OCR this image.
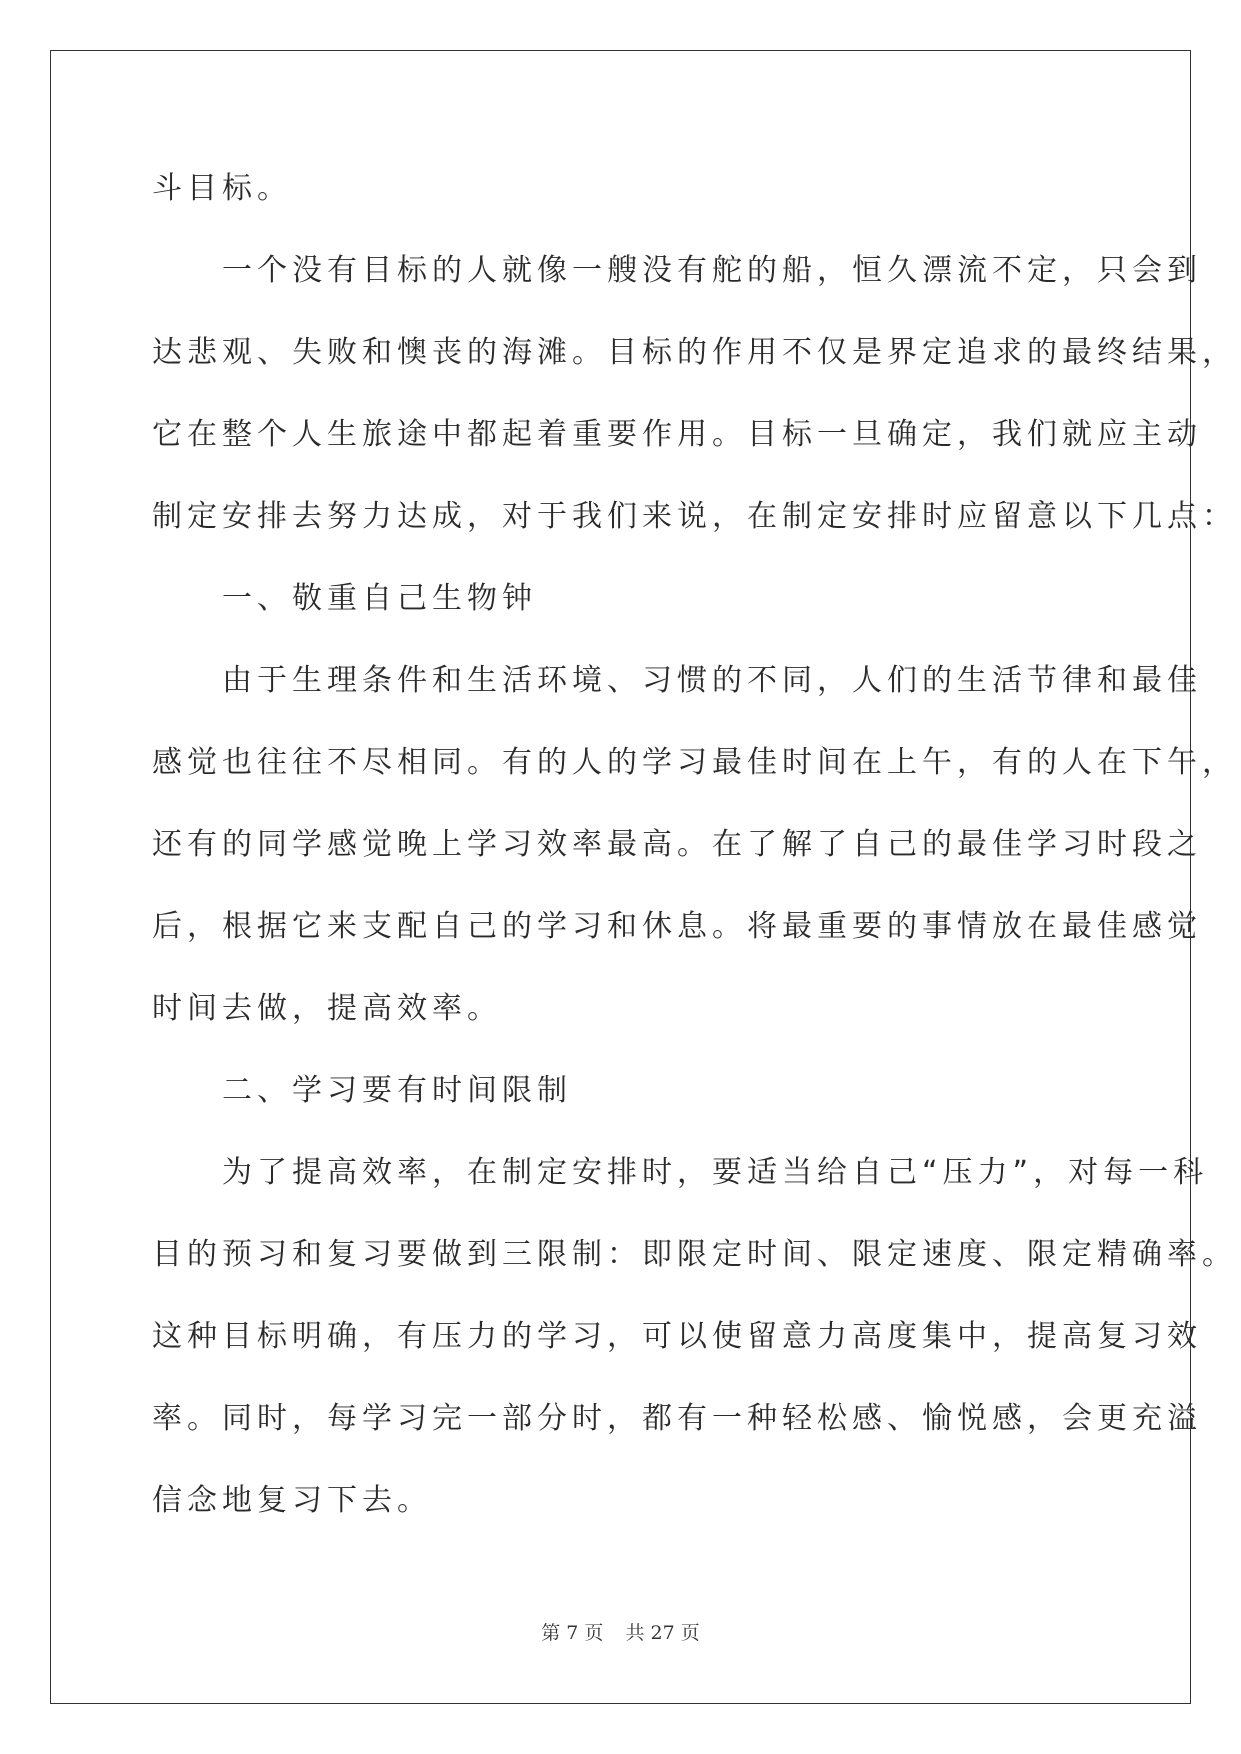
斗目标。
　　一个没有目标的人就像一艘没有舵的船，恒久漂流不定，只会到
达悲观、失败和懊丧的海滩。目标的作用不仅是界定追求的最终结果，
它在整个人生旅途中都起着重要作用。目标一旦确定，我们就应主动
制定安排去努力达成，对于我们来说，在制定安排时应留意以下几点：
　　一、敬重自己生物钟
　　由于生理条件和生活环境、习惯的不同，人们的生活节律和最佳
感觉也往往不尽相同。有的人的学习最佳时间在上午，有的人在下午，
还有的同学感觉晚上学习效率最高。在了解了自己的最佳学习时段之
后，根据它来支配自己的学习和休息。将最重要的事情放在最佳感觉
时间去做，提高效率。
　　二、学习要有时间限制
　　为了提高效率，在制定安排时，要适当给自己“压力”，对每一科
目的预习和复习要做到三限制：即限定时间、限定速度、限定精确率。
这种目标明确，有压力的学习，可以使留意力高度集中，提高复习效
率。同时，每学习完一部分时，都有一种轻松感、愉悦感，会更充溢
信念地复习下去。
第 7 页 共 27 页
